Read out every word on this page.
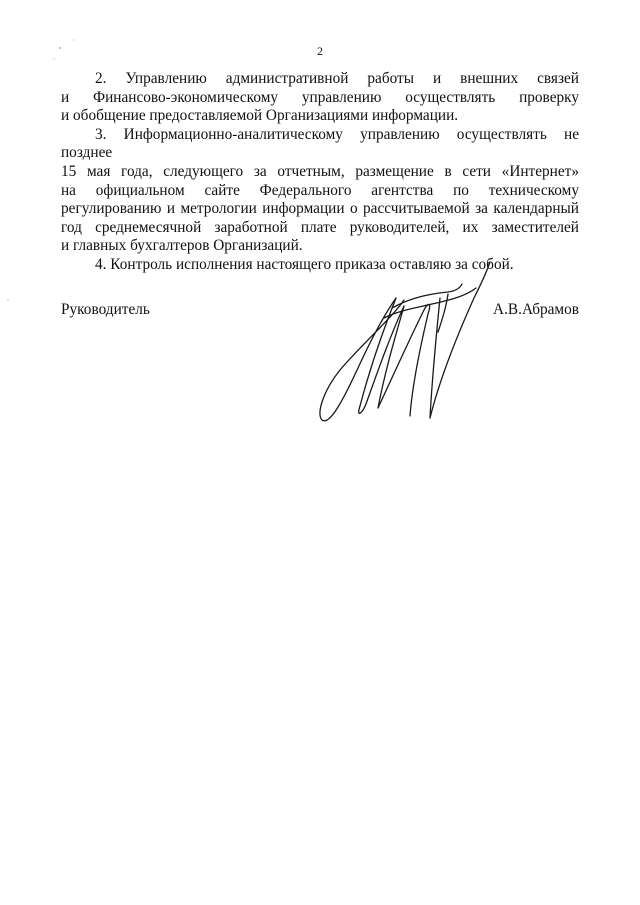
2

2. Управлению административной работы и внешних связей
и Финансово-экономическому управлению осуществлять проверку
и обобщение предоставляемой Организациями информации.

3. Информационно-аналитическому управлению осуществлять не позднее
15 мая года, следующего за отчетным, размещение в сети «Интернет»
на официальном сайте Федерального агентства по техническому
регулированию и метрологии информации о рассчитываемой за календарный
год среднемесячной заработной плате руководителей, их заместителей
и главных бухгалтеров Организаций.

4. Контроль исполнения настоящего приказа оставляю за собой.

Руководитель	А.В.Абрамов
